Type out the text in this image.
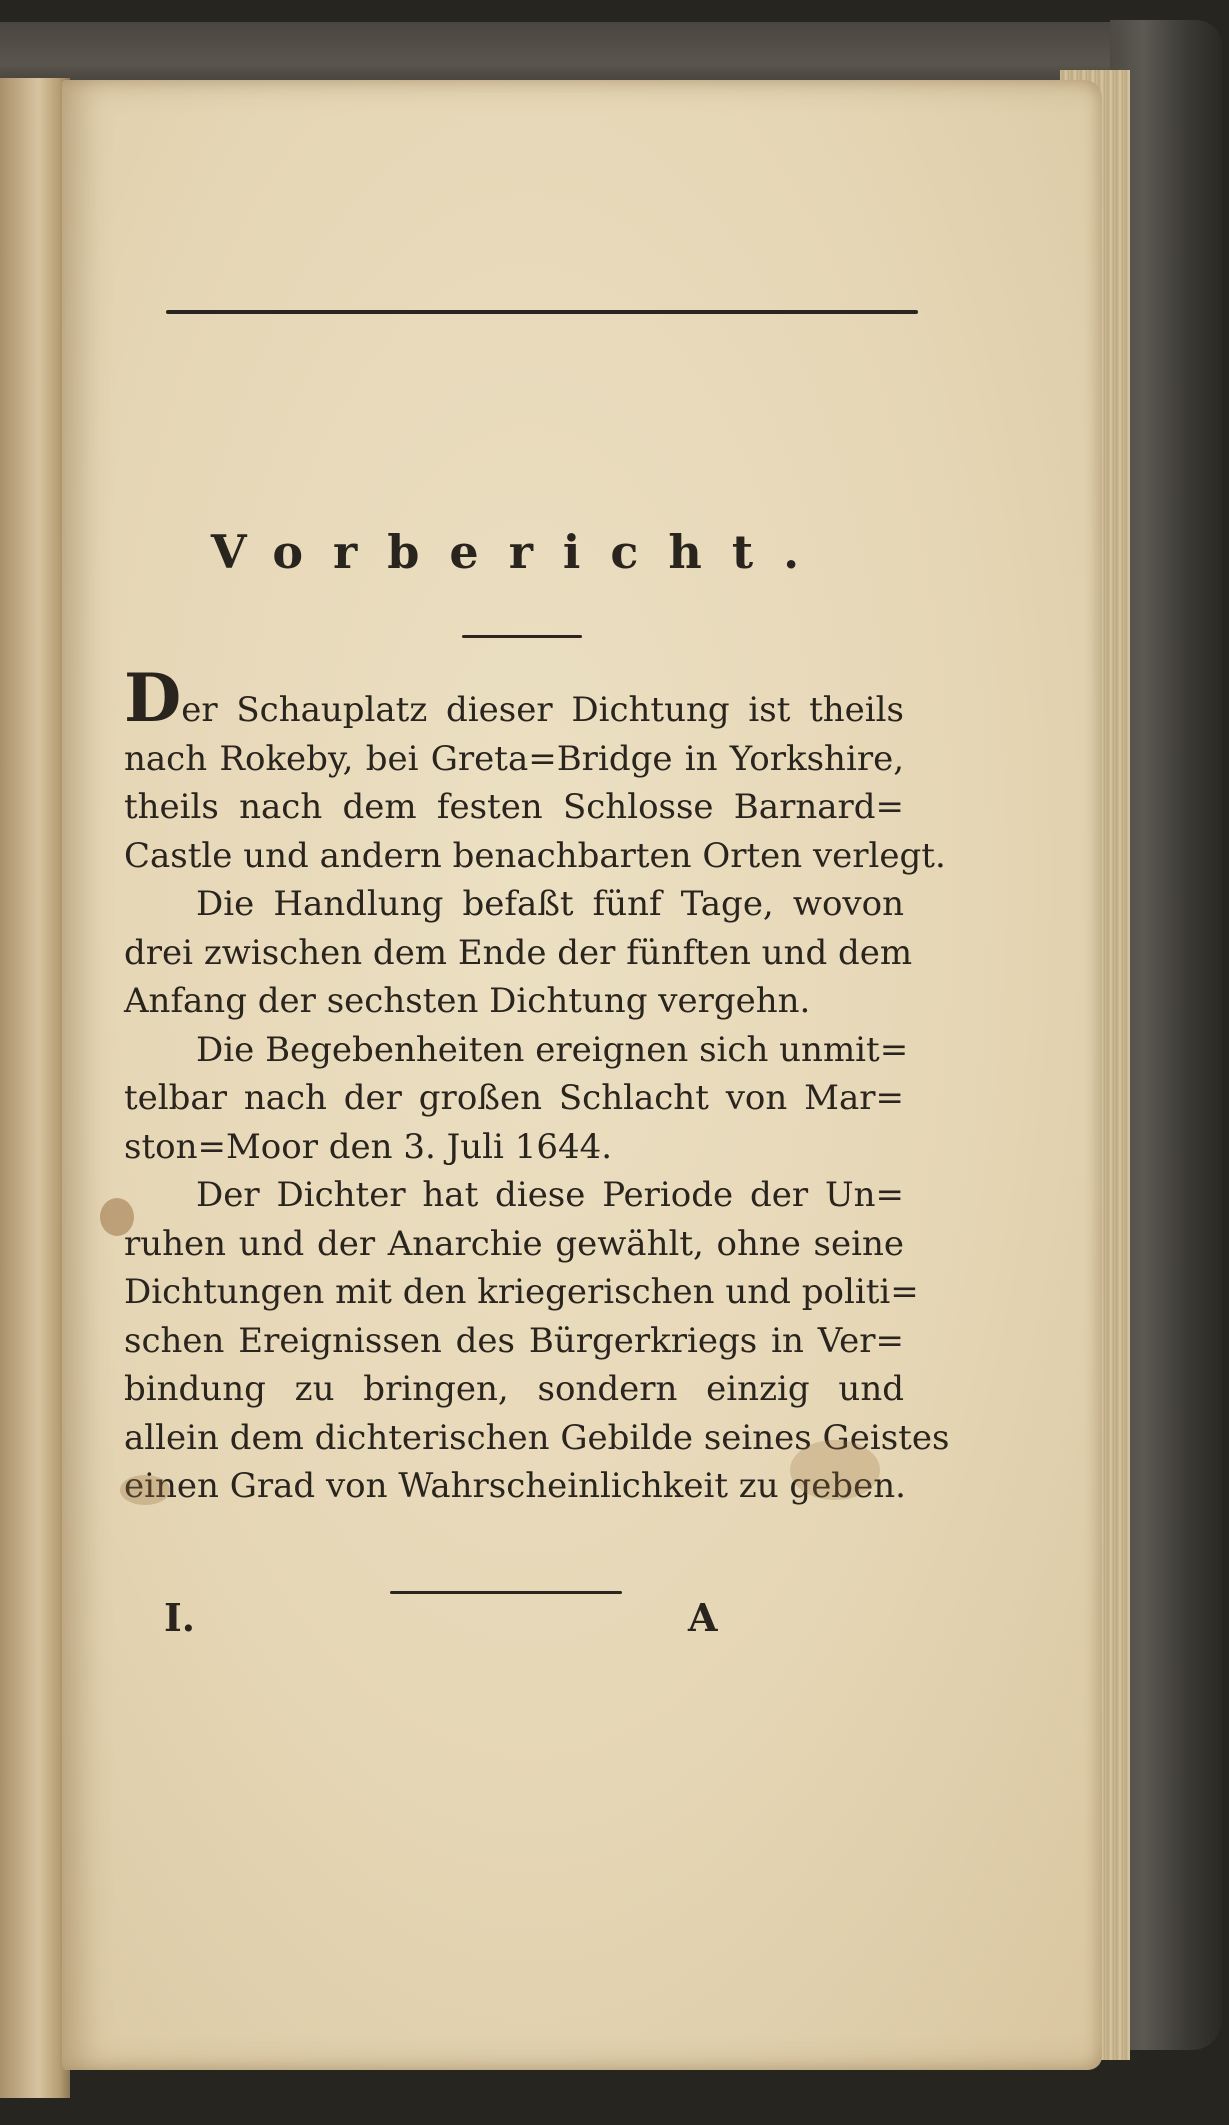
Vorbericht.
Der Schauplatz dieser Dichtung ist theils
nach Rokeby, bei Greta=Bridge in Yorkshire,
theils nach dem festen Schlosse Barnard=
Castle und andern benachbarten Orten verlegt.
Die Handlung befaßt fünf Tage, wovon
drei zwischen dem Ende der fünften und dem
Anfang der sechsten Dichtung vergehn.
Die Begebenheiten ereignen sich unmit=
telbar nach der großen Schlacht von Mar=
ston=Moor den 3. Juli 1644.
Der Dichter hat diese Periode der Un=
ruhen und der Anarchie gewählt, ohne seine
Dichtungen mit den kriegerischen und politi=
schen Ereignissen des Bürgerkriegs in Ver=
bindung zu bringen, sondern einzig und
allein dem dichterischen Gebilde seines Geistes
einen Grad von Wahrscheinlichkeit zu geben.
I.	A
